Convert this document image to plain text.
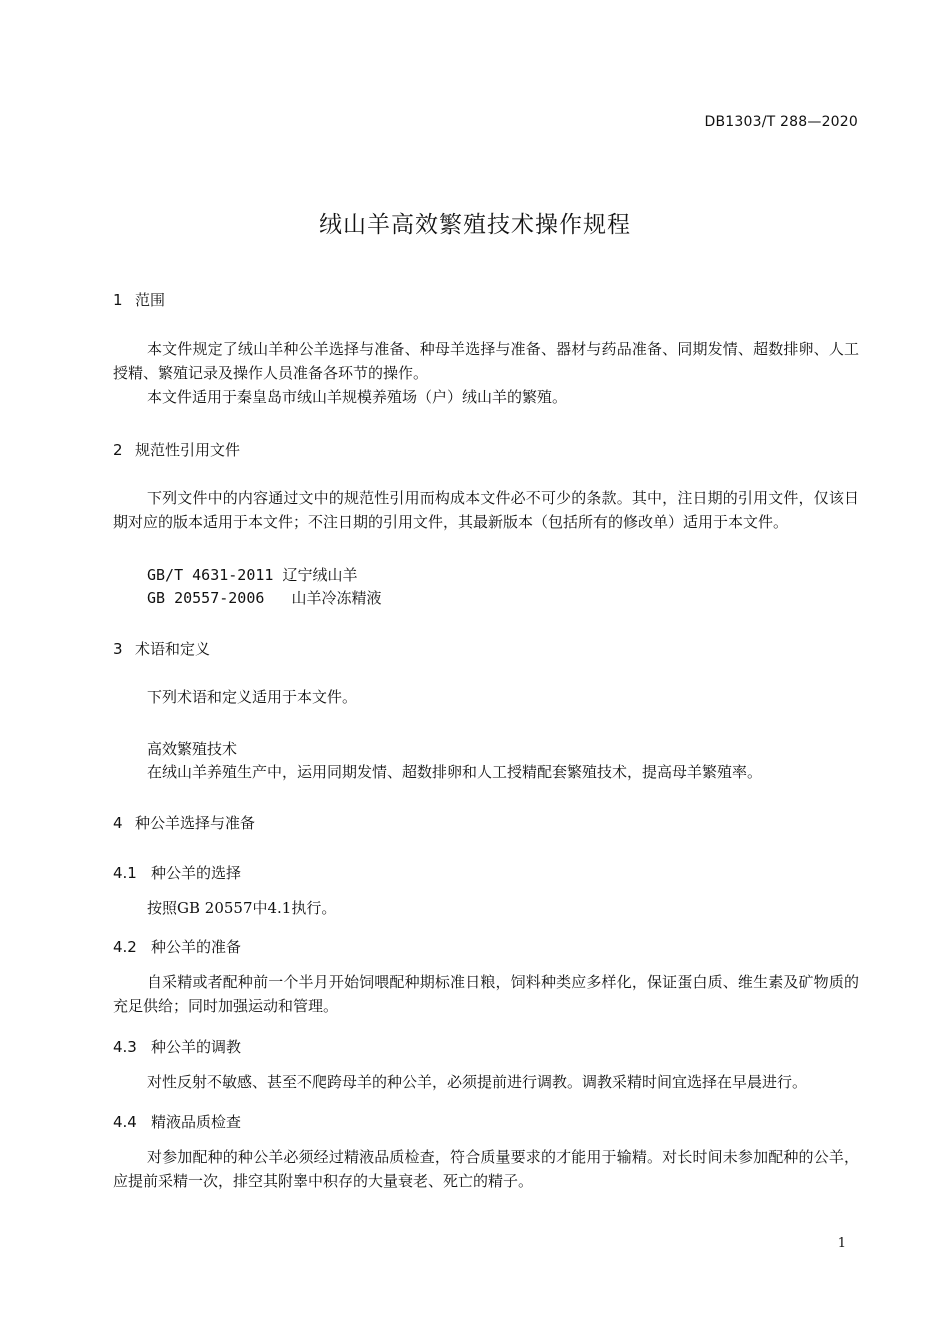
DB1303/T 288—2020
绒山羊高效繁殖技术操作规程
1 范围
本文件规定了绒山羊种公羊选择与准备、种母羊选择与准备、器材与药品准备、同期发情、超数排卵、人工授精、繁殖记录及操作人员准备各环节的操作。
本文件适用于秦皇岛市绒山羊规模养殖场（户）绒山羊的繁殖。
2 规范性引用文件
下列文件中的内容通过文中的规范性引用而构成本文件必不可少的条款。其中，注日期的引用文件，仅该日期对应的版本适用于本文件；不注日期的引用文件，其最新版本（包括所有的修改单）适用于本文件。
GB/T 4631-2011 辽宁绒山羊
GB 20557-2006   山羊冷冻精液
3 术语和定义
下列术语和定义适用于本文件。
高效繁殖技术
在绒山羊养殖生产中，运用同期发情、超数排卵和人工授精配套繁殖技术，提高母羊繁殖率。
4 种公羊选择与准备
4.1 种公羊的选择
按照GB 20557中4.1执行。
4.2 种公羊的准备
自采精或者配种前一个半月开始饲喂配种期标准日粮，饲料种类应多样化，保证蛋白质、维生素及矿物质的充足供给；同时加强运动和管理。
4.3 种公羊的调教
对性反射不敏感、甚至不爬跨母羊的种公羊，必须提前进行调教。调教采精时间宜选择在早晨进行。
4.4 精液品质检查
对参加配种的种公羊必须经过精液品质检查，符合质量要求的才能用于输精。对长时间未参加配种的公羊，应提前采精一次，排空其附睾中积存的大量衰老、死亡的精子。
1
